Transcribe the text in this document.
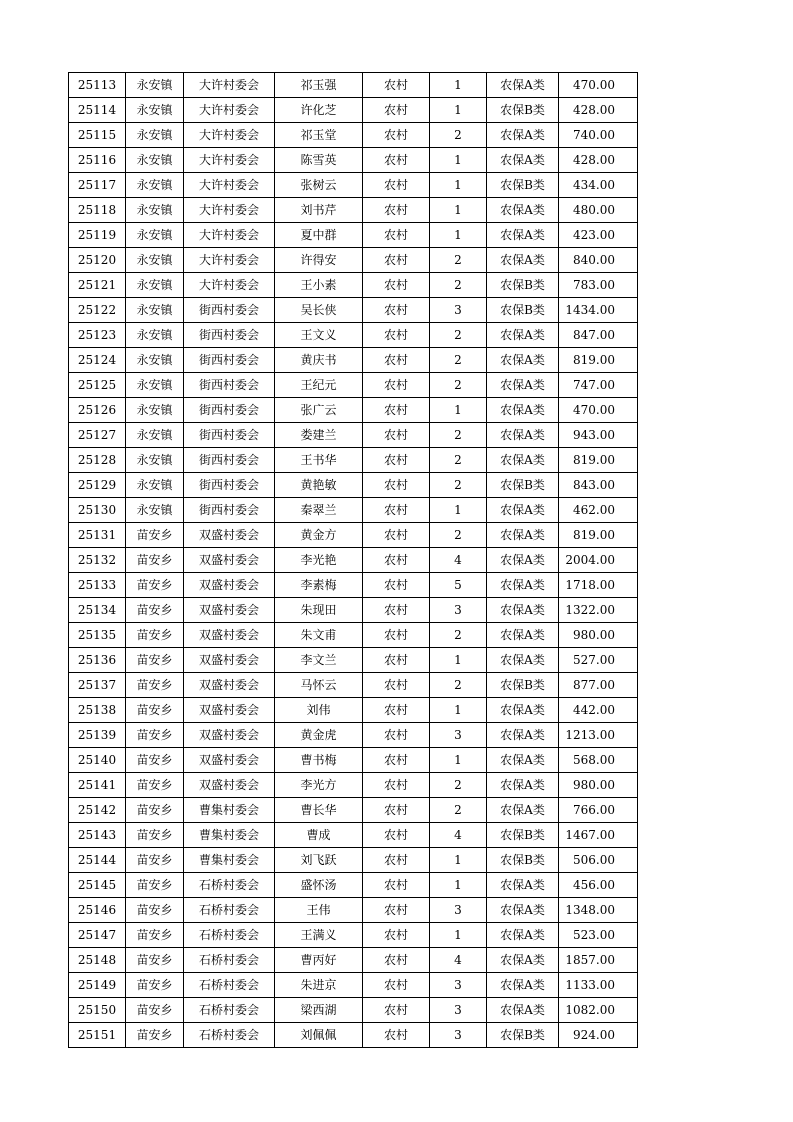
25113	永安镇	大许村委会	祁玉强	农村	1	农保A类	470.00
25114	永安镇	大许村委会	许化芝	农村	1	农保B类	428.00
25115	永安镇	大许村委会	祁玉堂	农村	2	农保A类	740.00
25116	永安镇	大许村委会	陈雪英	农村	1	农保A类	428.00
25117	永安镇	大许村委会	张树云	农村	1	农保B类	434.00
25118	永安镇	大许村委会	刘书芹	农村	1	农保A类	480.00
25119	永安镇	大许村委会	夏中群	农村	1	农保A类	423.00
25120	永安镇	大许村委会	许得安	农村	2	农保A类	840.00
25121	永安镇	大许村委会	王小素	农村	2	农保B类	783.00
25122	永安镇	街西村委会	吴长侠	农村	3	农保B类	1434.00
25123	永安镇	街西村委会	王文义	农村	2	农保A类	847.00
25124	永安镇	街西村委会	黄庆书	农村	2	农保A类	819.00
25125	永安镇	街西村委会	王纪元	农村	2	农保A类	747.00
25126	永安镇	街西村委会	张广云	农村	1	农保A类	470.00
25127	永安镇	街西村委会	娄建兰	农村	2	农保A类	943.00
25128	永安镇	街西村委会	王书华	农村	2	农保A类	819.00
25129	永安镇	街西村委会	黄艳敏	农村	2	农保B类	843.00
25130	永安镇	街西村委会	秦翠兰	农村	1	农保A类	462.00
25131	苗安乡	双盛村委会	黄金方	农村	2	农保A类	819.00
25132	苗安乡	双盛村委会	李光艳	农村	4	农保A类	2004.00
25133	苗安乡	双盛村委会	李素梅	农村	5	农保A类	1718.00
25134	苗安乡	双盛村委会	朱现田	农村	3	农保A类	1322.00
25135	苗安乡	双盛村委会	朱文甫	农村	2	农保A类	980.00
25136	苗安乡	双盛村委会	李文兰	农村	1	农保A类	527.00
25137	苗安乡	双盛村委会	马怀云	农村	2	农保B类	877.00
25138	苗安乡	双盛村委会	刘伟	农村	1	农保A类	442.00
25139	苗安乡	双盛村委会	黄金虎	农村	3	农保A类	1213.00
25140	苗安乡	双盛村委会	曹书梅	农村	1	农保A类	568.00
25141	苗安乡	双盛村委会	李光方	农村	2	农保A类	980.00
25142	苗安乡	曹集村委会	曹长华	农村	2	农保A类	766.00
25143	苗安乡	曹集村委会	曹成	农村	4	农保B类	1467.00
25144	苗安乡	曹集村委会	刘飞跃	农村	1	农保B类	506.00
25145	苗安乡	石桥村委会	盛怀汤	农村	1	农保A类	456.00
25146	苗安乡	石桥村委会	王伟	农村	3	农保A类	1348.00
25147	苗安乡	石桥村委会	王满义	农村	1	农保A类	523.00
25148	苗安乡	石桥村委会	曹丙好	农村	4	农保A类	1857.00
25149	苗安乡	石桥村委会	朱进京	农村	3	农保A类	1133.00
25150	苗安乡	石桥村委会	梁西湖	农村	3	农保A类	1082.00
25151	苗安乡	石桥村委会	刘佩佩	农村	3	农保B类	924.00
